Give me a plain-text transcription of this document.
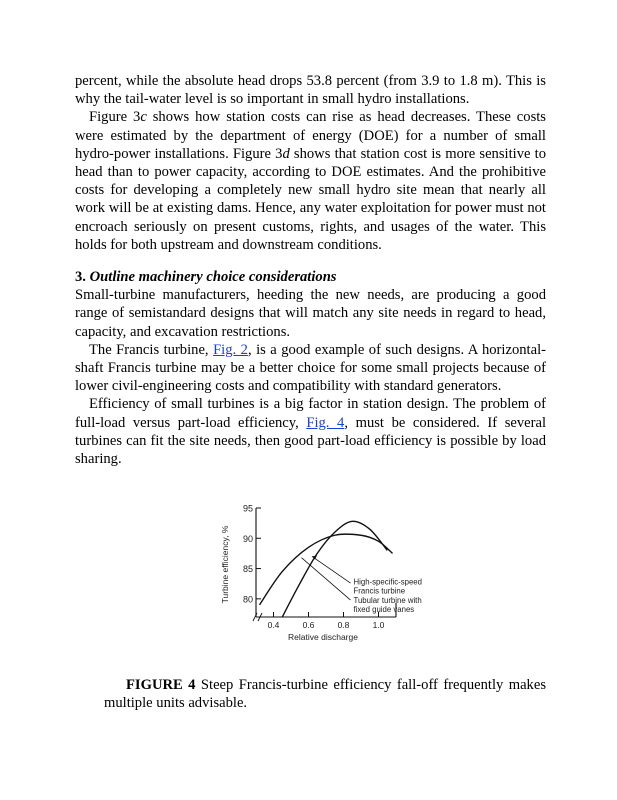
percent, while the absolute head drops 53.8 percent (from 3.9 to 1.8 m). This is why the tail-water level is so important in small hydro installations.

Figure 3c shows how station costs can rise as head decreases. These costs were estimated by the department of energy (DOE) for a number of small hydro-power installations. Figure 3d shows that station cost is more sensitive to head than to power capacity, according to DOE estimates. And the prohibitive costs for developing a completely new small hydro site mean that nearly all work will be at existing dams. Hence, any water exploitation for power must not encroach seriously on present customs, rights, and usages of the water. This holds for both upstream and downstream conditions.

3. Outline machinery choice considerations

Small-turbine manufacturers, heeding the new needs, are producing a good range of semistandard designs that will match any site needs in regard to head, capacity, and excavation restrictions.

The Francis turbine, Fig. 2, is a good example of such designs. A horizontal-shaft Francis turbine may be a better choice for some small projects because of lower civil-engineering costs and compatibility with standard generators.

Efficiency of small turbines is a big factor in station design. The problem of full-load versus part-load efficiency, Fig. 4, must be considered. If several turbines can fit the site needs, then good part-load efficiency is possible by load sharing.

80
85
90
95
0.4	0.6	0.8	1.0
Relative discharge
Turbine efficiency, %	High-specific-speed
Francis turbine
Tubular turbine with
fixed guide vanes
FIGURE 4 Steep Francis-turbine efficiency fall-off frequently makes multiple units advisable.
